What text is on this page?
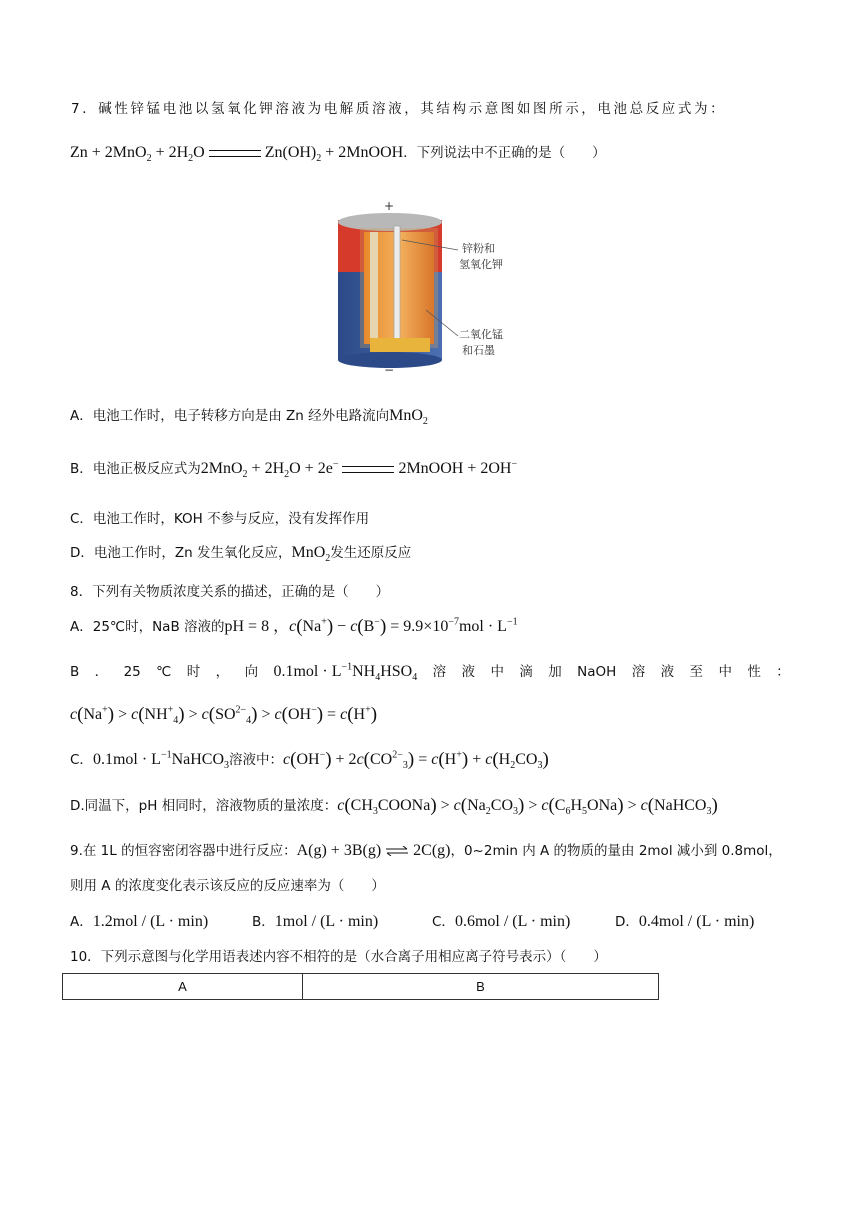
7．碱性锌锰电池以氢氧化钾溶液为电解质溶液，其结构示意图如图所示，电池总反应式为：
$Zn + 2MnO_2 + 2H_2O$	$Zn(OH)_2$ + 2MnOOH．下列说法中不正确的是（　　）
+
−
锌粉和
氢氧化钾
二氧化锰
和石墨
A．电池工作时，电子转移方向是由 Zn 经外电路流向MnO$_2$
B．电池正极反应式为$2MnO_2 + 2H_2O + 2e^-$	2MnOOH + 2OH−
C．电池工作时，KOH 不参与反应，没有发挥作用
D．电池工作时，Zn 发生氧化反应，MnO$_2$发生还原反应
8．下列有关物质浓度关系的描述，正确的是（　　）
A．25℃时，NaB 溶液的pH = 8 ，$c(Na^+) - c(B^-) = 9.9\times 10^{-7}mol \cdot L^{-1}$
B ． 25 ℃ 时 ， 向 $0.1mol \cdot L^{-1}NH_4HSO_4$ 溶 液 中 滴 加 NaOH 溶 液 至 中 性 ：
$c(Na^+) > c(NH^+_4) > c(SO^{2-}_4) > c(OH^-) = c(H^+)$
C．$0.1mol \cdot L^{-1}NaHCO_3$溶液中：$c(OH^-) + 2c(CO^{2-}_3) = c(H^+) + c(H_2CO_3)$
D.同温下，pH 相同时，溶液物质的量浓度：$c(CH_3COONa) > c(Na_2CO_3) > c(C_6H_5ONa)$ > c(NaHCO$_3$)
9.在 1L 的恒容密闭容器中进行反应：A(g) + 3B(g) ⇌ 2C(g)，0~2min 内 A 的物质的量由 2mol 减小到 0.8mol，
则用 A 的浓度变化表示该反应的反应速率为（　　）
A．1.2mol / (L · min)	B．1mol / (L · min)	C．0.6mol / (L · min)	D．0.4mol / (L · min)
10．下列示意图与化学用语表述内容不相符的是（水合离子用相应离子符号表示）（　　）
A	B
